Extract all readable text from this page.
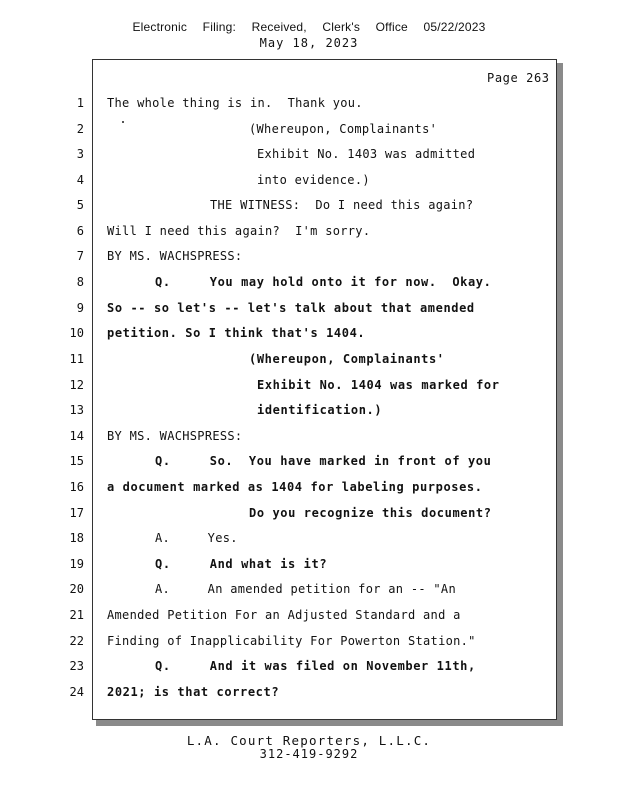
Electronic Filing: Received, Clerk's Office 05/22/2023
May 18, 2023
Page 263
1
2
3
4
5
6
7
8
9
10
11
12
13
14
15
16
17
18
19
20
21
22
23
24
The whole thing is in.  Thank you.
(Whereupon, Complainants'
Exhibit No. 1403 was admitted
into evidence.)
THE WITNESS:  Do I need this again?
Will I need this again?  I'm sorry.
BY MS. WACHSPRESS:
Q.     You may hold onto it for now.  Okay.
So -- so let's -- let's talk about that amended
petition. So I think that's 1404.
(Whereupon, Complainants'
Exhibit No. 1404 was marked for
identification.)
BY MS. WACHSPRESS:
Q.     So.  You have marked in front of you
a document marked as 1404 for labeling purposes.
Do you recognize this document?
A.     Yes.
Q.     And what is it?
A.     An amended petition for an -- "An
Amended Petition For an Adjusted Standard and a
Finding of Inapplicability For Powerton Station."
Q.     And it was filed on November 11th,
2021; is that correct?
L.A. Court Reporters, L.L.C.
312-419-9292
